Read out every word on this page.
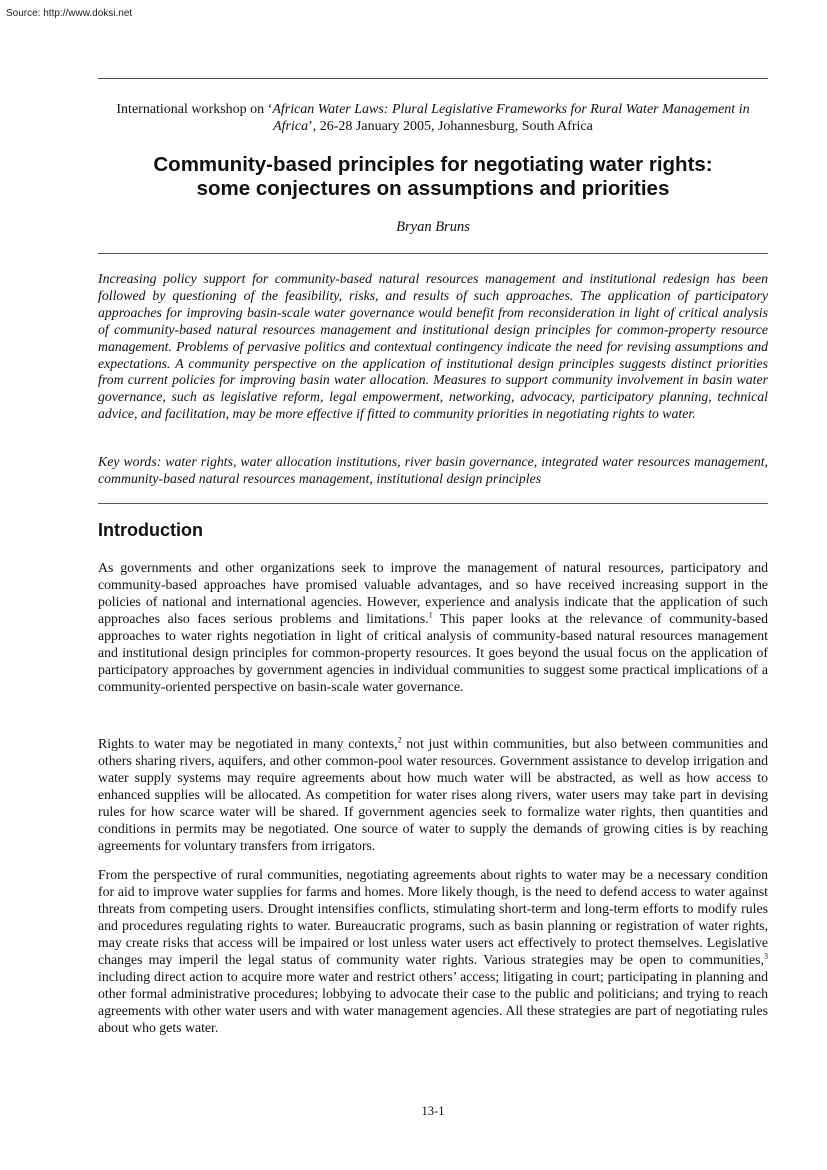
Source: http://www.doksi.net
International workshop on ‘African Water Laws: Plural Legislative Frameworks for Rural Water Management in Africa’, 26-28 January 2005, Johannesburg, South Africa
Community-based principles for negotiating water rights:
some conjectures on assumptions and priorities
Bryan Bruns

Increasing policy support for community-based natural resources management and institutional redesign has been followed by questioning of the feasibility, risks, and results of such approaches. The application of participatory approaches for improving basin-scale water governance would benefit from reconsideration in light of critical analysis of community-based natural resources management and institutional design principles for common-property resource management. Problems of pervasive politics and contextual contingency indicate the need for revising assumptions and expectations. A community perspective on the application of institutional design principles suggests distinct priorities from current policies for improving basin water allocation. Measures to support community involvement in basin water governance, such as legislative reform, legal empowerment, networking, advocacy, participatory planning, technical advice, and facilitation, may be more effective if fitted to community priorities in negotiating rights to water.

Key words: water rights, water allocation institutions, river basin governance, integrated water resources management, community-based natural resources management, institutional design principles

Introduction

As governments and other organizations seek to improve the management of natural resources, participatory and community-based approaches have promised valuable advantages, and so have received increasing support in the policies of national and international agencies. However, experience and analysis indicate that the application of such approaches also faces serious problems and limitations.$^1$ This paper looks at the relevance of community-based approaches to water rights negotiation in light of critical analysis of community-based natural resources management and institutional design principles for common-property resources. It goes beyond the usual focus on the application of participatory approaches by government agencies in individual communities to suggest some practical implications of a community-oriented perspective on basin-scale water governance.

Rights to water may be negotiated in many contexts,$^2$ not just within communities, but also between communities and others sharing rivers, aquifers, and other common-pool water resources. Government assistance to develop irrigation and water supply systems may require agreements about how much water will be abstracted, as well as how access to enhanced supplies will be allocated. As competition for water rises along rivers, water users may take part in devising rules for how scarce water will be shared. If government agencies seek to formalize water rights, then quantities and conditions in permits may be negotiated. One source of water to supply the demands of growing cities is by reaching agreements for voluntary transfers from irrigators.

From the perspective of rural communities, negotiating agreements about rights to water may be a necessary condition for aid to improve water supplies for farms and homes. More likely though, is the need to defend access to water against threats from competing users. Drought intensifies conflicts, stimulating short-term and long-term efforts to modify rules and procedures regulating rights to water. Bureaucratic programs, such as basin planning or registration of water rights, may create risks that access will be impaired or lost unless water users act effectively to protect themselves. Legislative changes may imperil the legal status of community water rights. Various strategies may be open to communities,$^3$ including direct action to acquire more water and restrict others’ access; litigating in court; participating in planning and other formal administrative procedures; lobbying to advocate their case to the public and politicians; and trying to reach agreements with other water users and with water management agencies. All these strategies are part of negotiating rules about who gets water.

13-1
